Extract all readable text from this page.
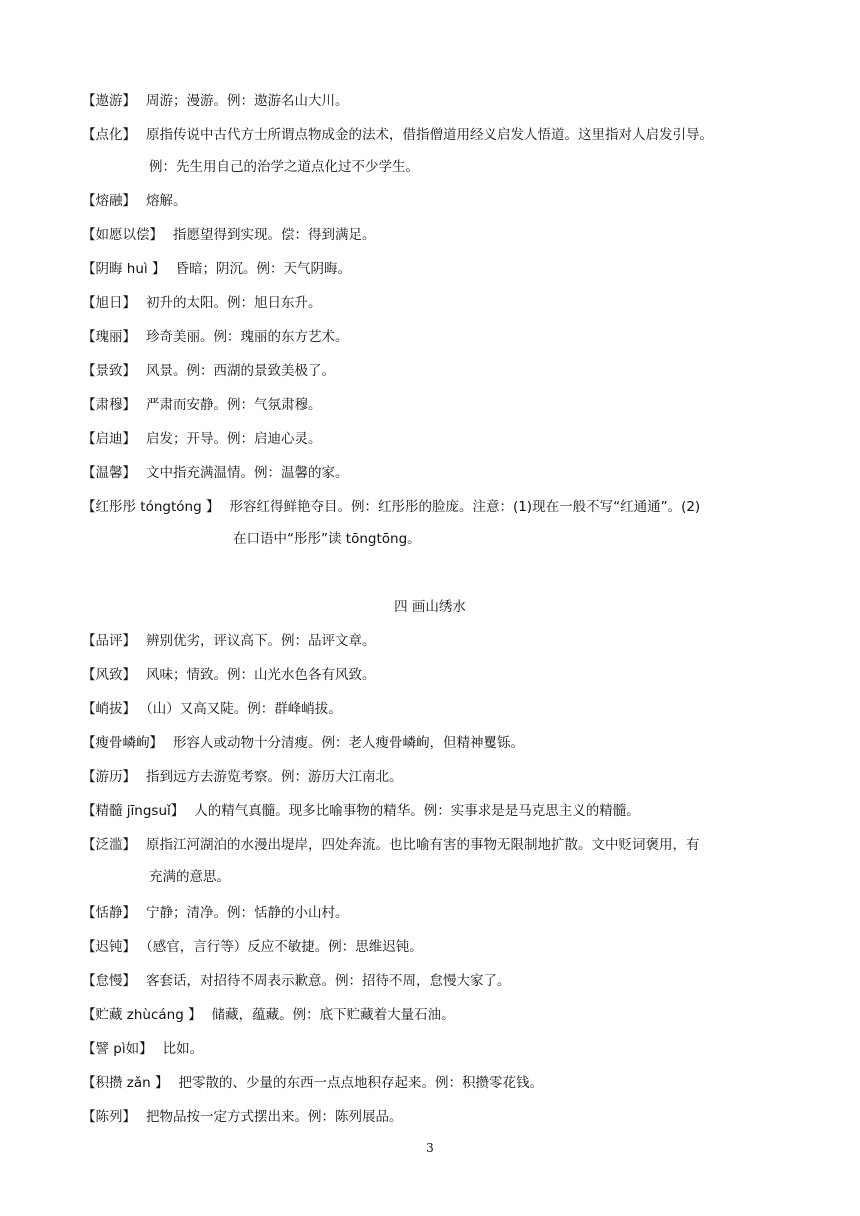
【遨游】 周游；漫游。例：遨游名山大川。
【点化】 原指传说中古代方士所谓点物成金的法术，借指僧道用经义启发人悟道。这里指对人启发引导。
例：先生用自己的治学之道点化过不少学生。
【熔融】 熔解。
【如愿以偿】 指愿望得到实现。偿：得到满足。
【阴晦 huì 】 昏暗；阴沉。例：天气阴晦。
【旭日】 初升的太阳。例：旭日东升。
【瑰丽】 珍奇美丽。例：瑰丽的东方艺术。
【景致】 风景。例：西湖的景致美极了。
【肃穆】 严肃而安静。例：气氛肃穆。
【启迪】 启发；开导。例：启迪心灵。
【温馨】 文中指充满温情。例：温馨的家。
【红彤彤 tóngtóng 】 形容红得鲜艳夺目。例：红彤彤的脸庞。注意：(1)现在一般不写“红通通”。(2)
在口语中“彤彤”读 tōngtōng。
四 画山绣水
【品评】 辨别优劣，评议高下。例：品评文章。
【风致】 风味；情致。例：山光水色各有风致。
【峭拔】 （山）又高又陡。例：群峰峭拔。
【瘦骨嶙峋】 形容人或动物十分清瘦。例：老人瘦骨嶙峋，但精神矍铄。
【游历】 指到远方去游览考察。例：游历大江南北。
【精髓 jīngsuǐ】 人的精气真髓。现多比喻事物的精华。例：实事求是是马克思主义的精髓。
【泛滥】 原指江河湖泊的水漫出堤岸，四处奔流。也比喻有害的事物无限制地扩散。文中贬词褒用，有
充满的意思。
【恬静】 宁静；清净。例：恬静的小山村。
【迟钝】 （感官，言行等）反应不敏捷。例：思维迟钝。
【怠慢】 客套话，对招待不周表示歉意。例：招待不周，怠慢大家了。
【贮藏 zhùcáng 】 储藏，蕴藏。例：底下贮藏着大量石油。
【譬 pì如】 比如。
【积攒 zǎn 】 把零散的、少量的东西一点点地积存起来。例：积攒零花钱。
【陈列】 把物品按一定方式摆出来。例：陈列展品。
3
